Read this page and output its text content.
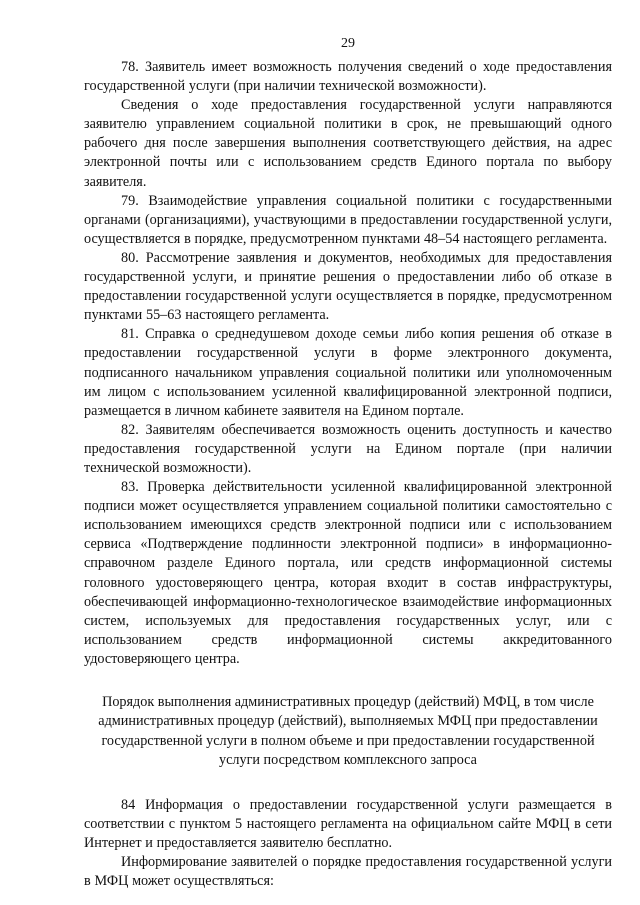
29

78. Заявитель имеет возможность получения сведений о ходе предоставления государственной услуги (при наличии технической возможности).

Сведения о ходе предоставления государственной услуги направляются заявителю управлением социальной политики в срок, не превышающий одного рабочего дня после завершения выполнения соответствующего действия, на адрес электронной почты или с использованием средств Единого портала по выбору заявителя.

79. Взаимодействие управления социальной политики с государственными органами (организациями), участвующими в предоставлении государственной услуги, осуществляется в порядке, предусмотренном пунктами 48–54 настоящего регламента.

80. Рассмотрение заявления и документов, необходимых для предоставления государственной услуги, и принятие решения о предоставлении либо об отказе в предоставлении государственной услуги осуществляется в порядке, предусмотренном пунктами 55–63 настоящего регламента.

81. Справка о среднедушевом доходе семьи либо копия решения об отказе в предоставлении государственной услуги в форме электронного документа, подписанного начальником управления социальной политики или уполномоченным им лицом с использованием усиленной квалифицированной электронной подписи, размещается в личном кабинете заявителя на Едином портале.

82. Заявителям обеспечивается возможность оценить доступность и качество предоставления государственной услуги на Едином портале (при наличии технической возможности).

83. Проверка действительности усиленной квалифицированной электронной подписи может осуществляется управлением социальной политики самостоятельно с использованием имеющихся средств электронной подписи или с использованием сервиса «Подтверждение подлинности электронной подписи» в информационно-справочном разделе Единого портала, или средств информационной системы головного удостоверяющего центра, которая входит в состав инфраструктуры, обеспечивающей информационно-технологическое взаимодействие информационных систем, используемых для предоставления государственных услуг, или с использованием средств информационной системы аккредитованного удостоверяющего центра.

Порядок выполнения административных процедур (действий) МФЦ, в том числе административных процедур (действий), выполняемых МФЦ при предоставлении государственной услуги в полном объеме и при предоставлении государственной услуги посредством комплексного запроса

84 Информация о предоставлении государственной услуги размещается в соответствии с пунктом 5 настоящего регламента на официальном сайте МФЦ в сети Интернет и предоставляется заявителю бесплатно.

Информирование заявителей о порядке предоставления государственной услуги в МФЦ может осуществляться:
